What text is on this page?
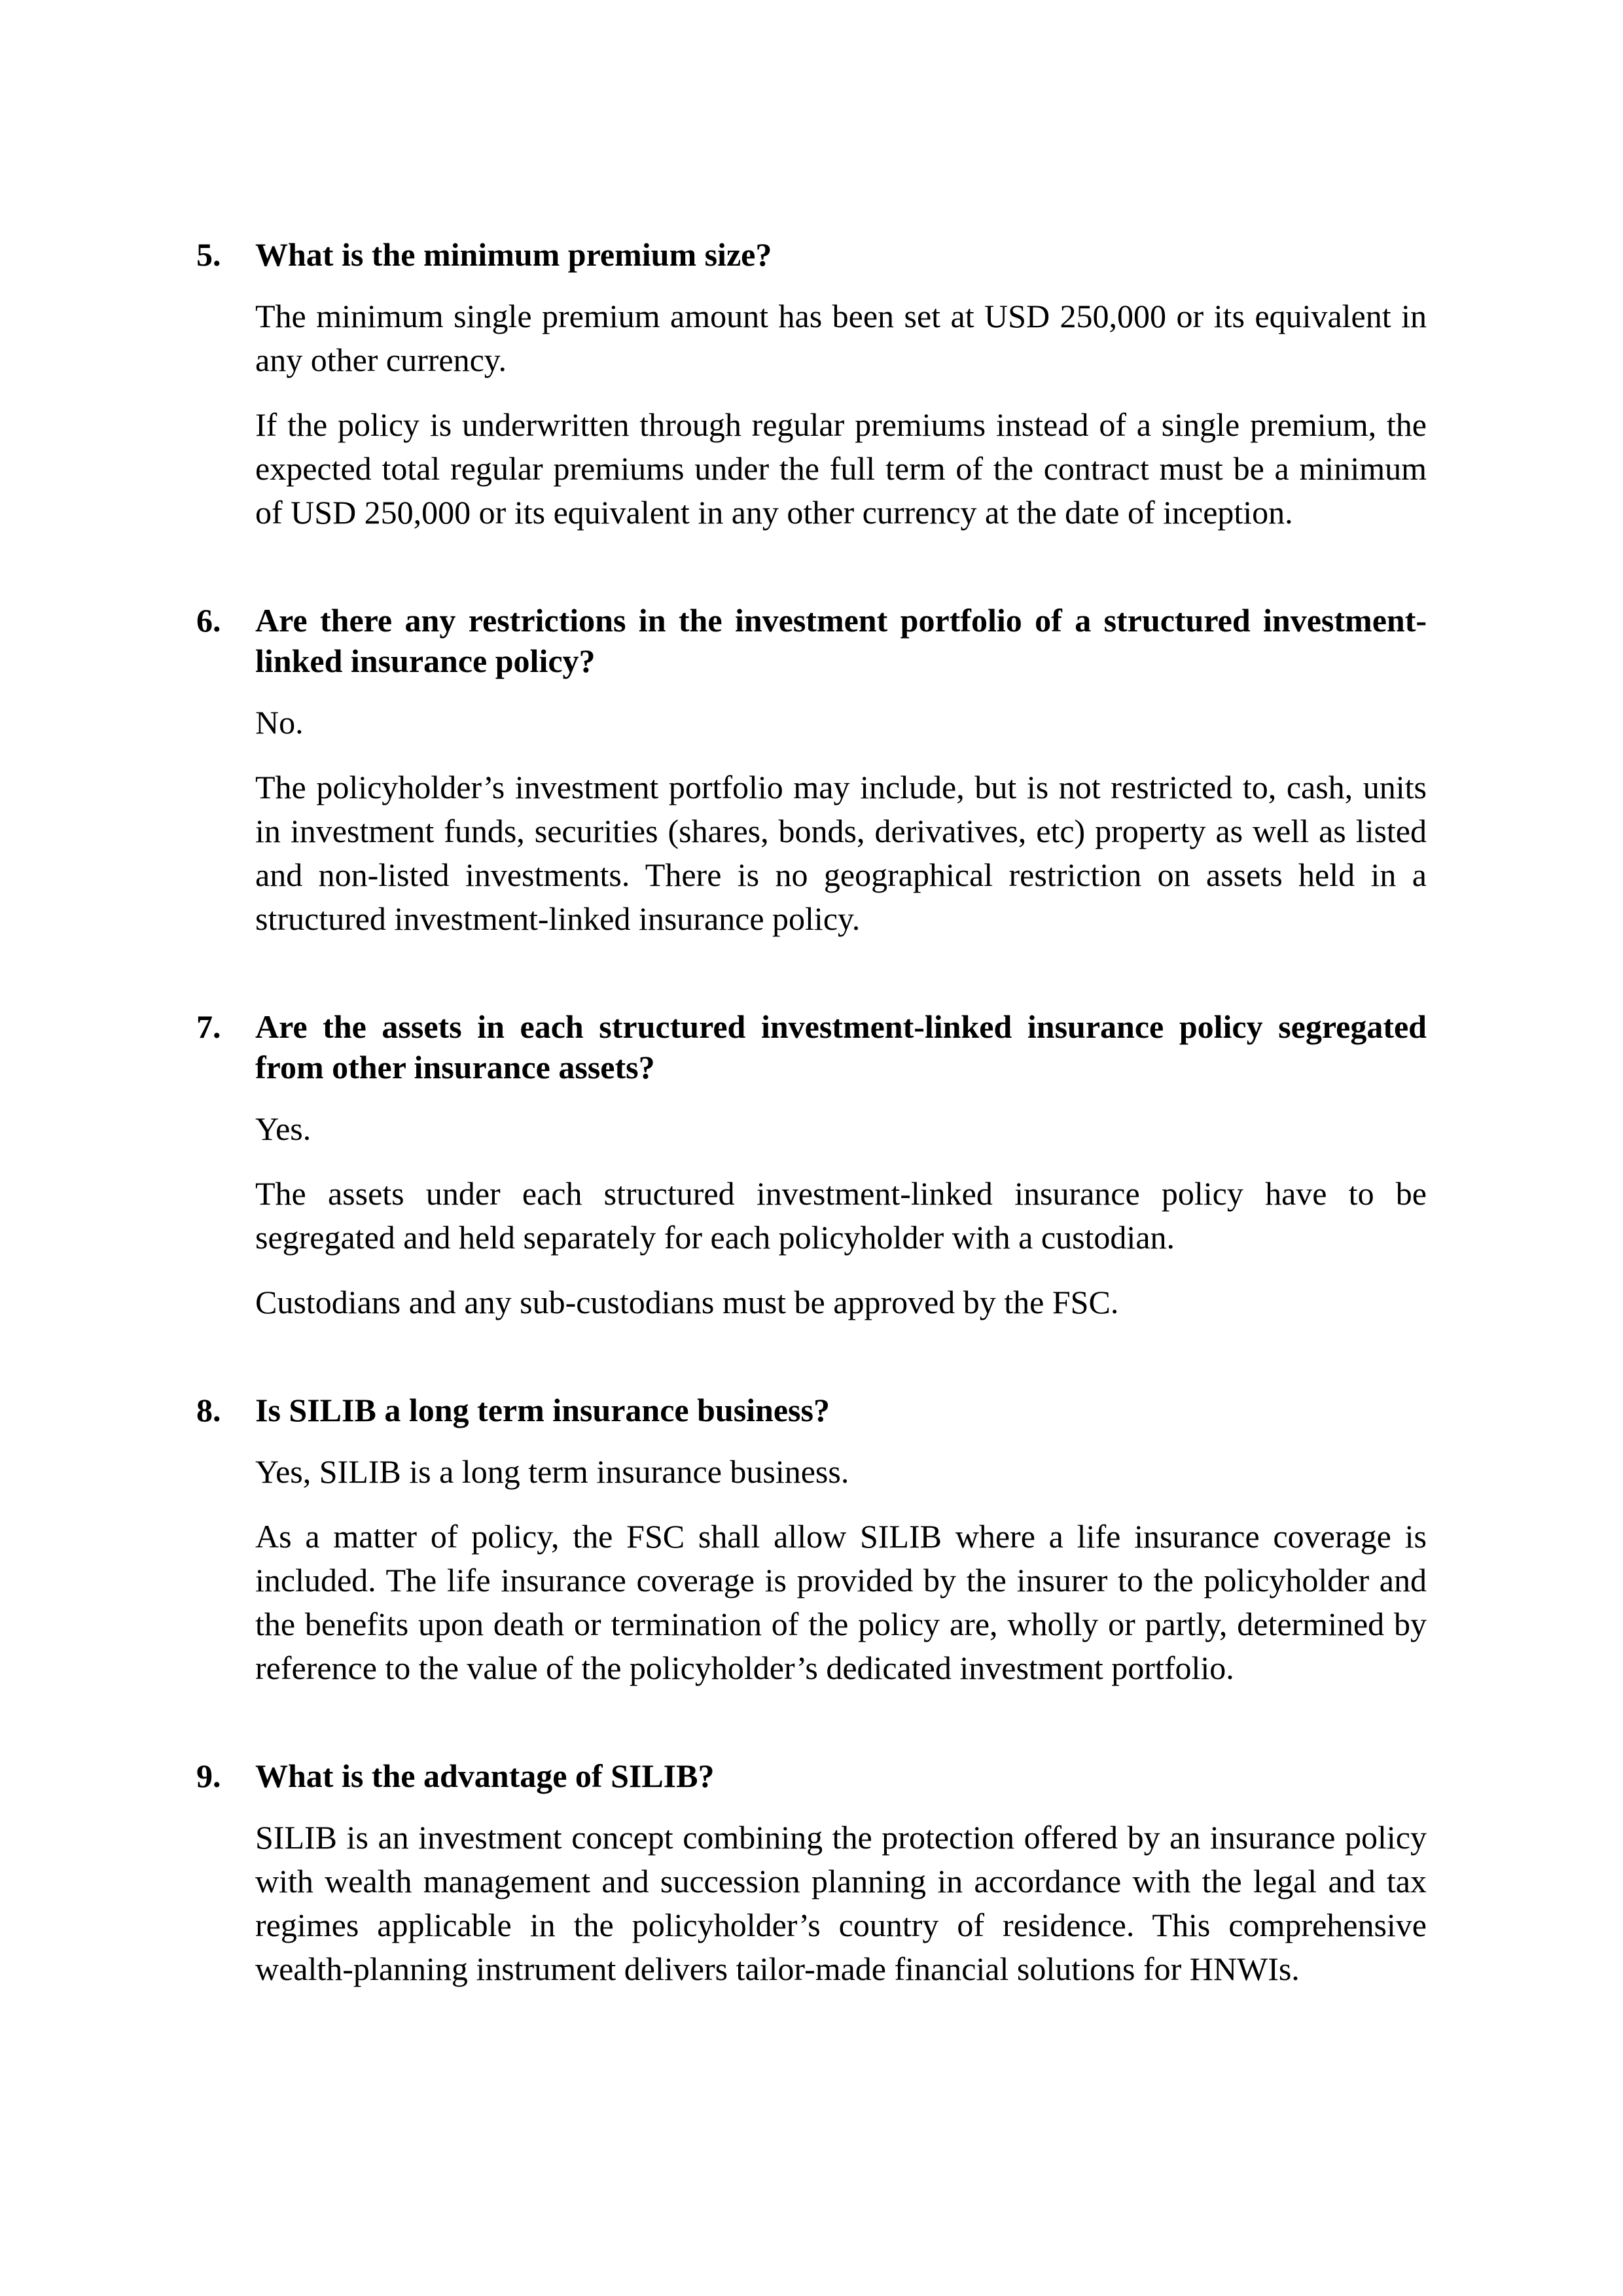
5.	What is the minimum premium size?

The minimum single premium amount has been set at USD 250,000 or its equivalent in any other currency.

If the policy is underwritten through regular premiums instead of a single premium, the expected total regular premiums under the full term of the contract must be a minimum of USD 250,000 or its equivalent in any other currency at the date of inception.

6.	Are there any restrictions in the investment portfolio of a structured investment-linked insurance policy?

No.

The policyholder’s investment portfolio may include, but is not restricted to, cash, units in investment funds, securities (shares, bonds, derivatives, etc) property as well as listed and non-listed investments. There is no geographical restriction on assets held in a structured investment-linked insurance policy.

7.	Are the assets in each structured investment-linked insurance policy segregated from other insurance assets?

Yes.

The assets under each structured investment-linked insurance policy have to be segregated and held separately for each policyholder with a custodian.

Custodians and any sub-custodians must be approved by the FSC.

8.	Is SILIB a long term insurance business?

Yes, SILIB is a long term insurance business.

As a matter of policy, the FSC shall allow SILIB where a life insurance coverage is included. The life insurance coverage is provided by the insurer to the policyholder and the benefits upon death or termination of the policy are, wholly or partly, determined by reference to the value of the policyholder’s dedicated investment portfolio.

9.	What is the advantage of SILIB?

SILIB is an investment concept combining the protection offered by an insurance policy with wealth management and succession planning in accordance with the legal and tax regimes applicable in the policyholder’s country of residence. This comprehensive wealth-planning instrument delivers tailor-made financial solutions for HNWIs.
